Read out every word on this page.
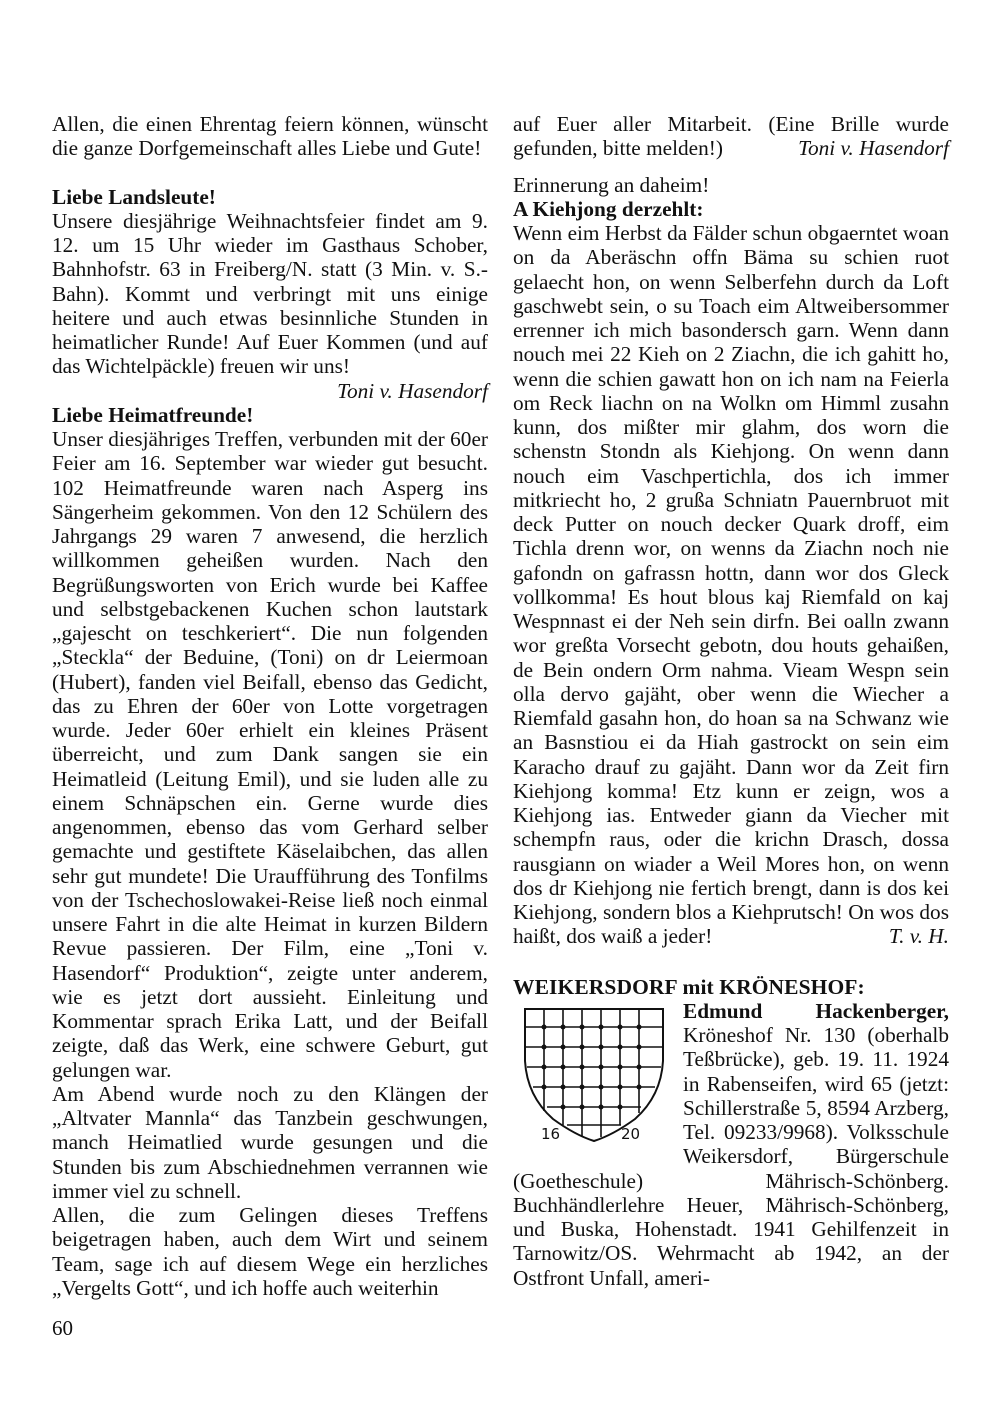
Allen, die einen Ehrentag feiern können, wünscht die ganze Dorfgemeinschaft alles Liebe und Gute!

Liebe Landsleute!

Unsere diesjährige Weihnachtsfeier findet am 9. 12. um 15 Uhr wieder im Gasthaus Schober, Bahnhofstr. 63 in Freiberg/N. statt (3 Min. v. S.-Bahn). Kommt und verbringt mit uns einige heitere und auch etwas besinnliche Stunden in heimatlicher Runde! Auf Euer Kommen (und auf das Wichtelpäckle) freuen wir uns!

Toni v. Hasendorf

Liebe Heimatfreunde!

Unser diesjähriges Treffen, verbunden mit der 60er Feier am 16. September war wieder gut besucht. 102 Heimatfreunde waren nach Asperg ins Sängerheim gekommen. Von den 12 Schülern des Jahrgangs 29 waren 7 anwesend, die herzlich willkommen geheißen wurden. Nach den Begrüßungsworten von Erich wurde bei Kaffee und selbstgebackenen Kuchen schon lautstark „gajescht on teschkeriert“. Die nun folgenden „Steckla“ der Beduine, (Toni) on dr Leiermoan (Hubert), fanden viel Beifall, ebenso das Gedicht, das zu Ehren der 60er von Lotte vorgetragen wurde. Jeder 60er erhielt ein kleines Präsent überreicht, und zum Dank sangen sie ein Heimatleid (Leitung Emil), und sie luden alle zu einem Schnäpschen ein. Gerne wurde dies angenommen, ebenso das vom Gerhard selber gemachte und gestiftete Käselaibchen, das allen sehr gut mundete! Die Uraufführung des Tonfilms von der Tschechoslowakei-Reise ließ noch einmal unsere Fahrt in die alte Heimat in kurzen Bildern Revue passieren. Der Film, eine „Toni v. Hasendorf“ Produktion“, zeigte unter anderem, wie es jetzt dort aussieht. Einleitung und Kommentar sprach Erika Latt, und der Beifall zeigte, daß das Werk, eine schwere Geburt, gut gelungen war.

Am Abend wurde noch zu den Klängen der „Altvater Mannla“ das Tanzbein geschwungen, manch Heimatlied wurde gesungen und die Stunden bis zum Abschiednehmen verrannen wie immer viel zu schnell.

Allen, die zum Gelingen dieses Treffens beigetragen haben, auch dem Wirt und seinem Team, sage ich auf diesem Wege ein herzliches „Vergelts Gott“, und ich hoffe auch weiterhin

auf Euer aller Mitarbeit. (Eine Brille wurde gefunden, bitte melden!)	Toni v. Hasendorf

Erinnerung an daheim!

A Kiehjong derzehlt:

Wenn eim Herbst da Fälder schun obgaerntet woan on da Aberäschn offn Bäma su schien ruot gelaecht hon, on wenn Selberfehn durch da Loft gaschwebt sein, o su Toach eim Altweibersommer errenner ich mich basondersch garn. Wenn dann nouch mei 22 Kieh on 2 Ziachn, die ich gahitt ho, wenn die schien gawatt hon on ich nam na Feierla om Reck liachn on na Wolkn om Himml zusahn kunn, dos mißter mir glahm, dos worn die schenstn Stondn als Kiehjong. On wenn dann nouch eim Vaschpertichla, dos ich immer mitkriecht ho, 2 grußa Schniatn Pauernbruot mit deck Putter on nouch decker Quark droff, eim Tichla drenn wor, on wenns da Ziachn noch nie gafondn on gafrassn hottn, dann wor dos Gleck vollkomma! Es hout blous kaj Riemfald on kaj Wespnnast ei der Neh sein dirfn. Bei oalln zwann wor greßta Vorsecht gebotn, dou houts gehaißen, de Bein ondern Orm nahma. Vieam Wespn sein olla dervo gajäht, ober wenn die Wiecher a Riemfald gasahn hon, do hoan sa na Schwanz wie an Basnstiou ei da Hiah gastrockt on sein eim Karacho drauf zu gajäht. Dann wor da Zeit firn Kiehjong komma! Etz kunn er zeign, wos a Kiehjong ias. Entweder giann da Viecher mit schempfn raus, oder die krichn Drasch, dossa rausgiann on wiader a Weil Mores hon, on wenn dos dr Kiehjong nie fertich brengt, dann is dos kei Kiehjong, sondern blos a Kiehprutsch! On wos dos haißt, dos waiß a jeder!	T. v. H.

WEIKERSDORF mit KRÖNESHOF:

16	20

Edmund Hackenberger,

Kröneshof Nr. 130 (oberhalb Teßbrücke), geb. 19. 11. 1924 in Rabenseifen, wird 65 (jetzt: Schillerstraße 5, 8594 Arzberg, Tel. 09233/9968). Volksschule Weikersdorf, Bürgerschule (Goetheschule) Mährisch-Schönberg. Buchhändlerlehre Heuer, Mährisch-Schönberg, und Buska, Hohenstadt. 1941 Gehilfenzeit in Tarnowitz/OS. Wehrmacht ab 1942, an der Ostfront Unfall, ameri-

60
